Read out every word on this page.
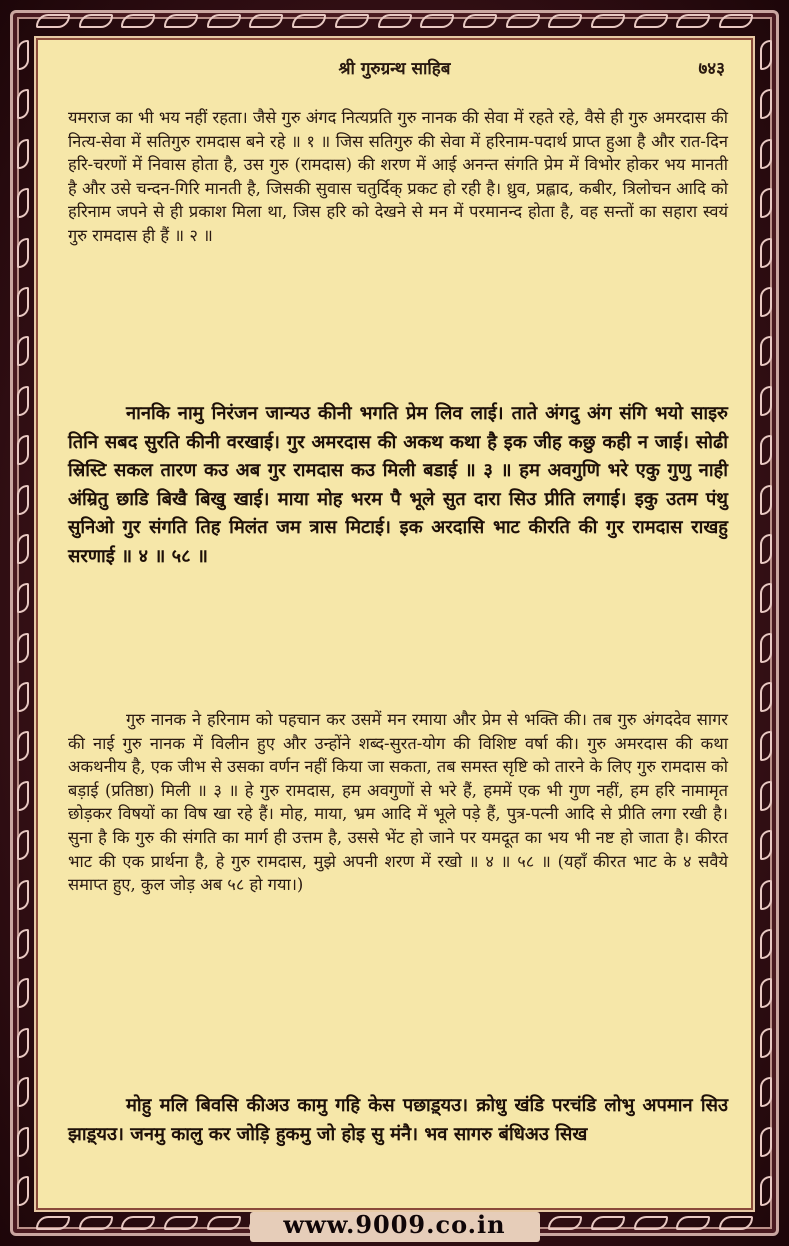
श्री गुरुग्रन्थ साहिब	७४३
यमराज का भी भय नहीं रहता। जैसे गुरु अंगद नित्यप्रति गुरु नानक की सेवा में रहते रहे, वैसे ही गुरु अमरदास की नित्य-सेवा में सतिगुरु रामदास बने रहे ॥ १ ॥ जिस सतिगुरु की सेवा में हरिनाम-पदार्थ प्राप्त हुआ है और रात-दिन हरि-चरणों में निवास होता है, उस गुरु (रामदास) की शरण में आई अनन्त संगति प्रेम में विभोर होकर भय मानती है और उसे चन्दन-गिरि मानती है, जिसकी सुवास चतुर्दिक् प्रकट हो रही है। ध्रुव, प्रह्लाद, कबीर, त्रिलोचन आदि को हरिनाम जपने से ही प्रकाश मिला था, जिस हरि को देखने से मन में परमानन्द होता है, वह सन्तों का सहारा स्वयं गुरु रामदास ही हैं ॥ २ ॥
नानकि नामु निरंजन जान्यउ कीनी भगति प्रेम लिव लाई। ताते अंगदु अंग संगि भयो साइरु तिनि सबद सुरति कीनी वरखाई। गुर अमरदास की अकथ कथा है इक जीह कछु कही न जाई। सोढी स्रिस्टि सकल तारण कउ अब गुर रामदास कउ मिली बडाई ॥ ३ ॥ हम अवगुणि भरे एकु गुणु नाही अंम्रितु छाडि बिखै बिखु खाई। माया मोह भरम पै भूले सुत दारा सिउ प्रीति लगाई। इकु उतम पंथु सुनिओ गुर संगति तिह मिलंत जम त्रास मिटाई। इक अरदासि भाट कीरति की गुर रामदास राखहु सरणाई ॥ ४ ॥ ५८ ॥
गुरु नानक ने हरिनाम को पहचान कर उसमें मन रमाया और प्रेम से भक्ति की। तब गुरु अंगददेव सागर की नाई गुरु नानक में विलीन हुए और उन्होंने शब्द-सुरत-योग की विशिष्ट वर्षा की। गुरु अमरदास की कथा अकथनीय है, एक जीभ से उसका वर्णन नहीं किया जा सकता, तब समस्त सृष्टि को तारने के लिए गुरु रामदास को बड़ाई (प्रतिष्ठा) मिली ॥ ३ ॥ हे गुरु रामदास, हम अवगुणों से भरे हैं, हममें एक भी गुण नहीं, हम हरि नामामृत छोड़कर विषयों का विष खा रहे हैं। मोह, माया, भ्रम आदि में भूले पड़े हैं, पुत्र-पत्नी आदि से प्रीति लगा रखी है। सुना है कि गुरु की संगति का मार्ग ही उत्तम है, उससे भेंट हो जाने पर यमदूत का भय भी नष्ट हो जाता है। कीरत भाट की एक प्रार्थना है, हे गुरु रामदास, मुझे अपनी शरण में रखो ॥ ४ ॥ ५८ ॥ (यहाँ कीरत भाट के ४ सवैये समाप्त हुए, कुल जोड़ अब ५८ हो गया।)
मोहु मलि बिवसि कीअउ कामु गहि केस पछाड़्यउ। क्रोधु खंडि परचंडि लोभु अपमान सिउ झाड़्यउ। जनमु कालु कर जोड़ि हुकमु जो होइ सु मंनै। भव सागरु बंधिअउ सिख
www.9009.co.in
